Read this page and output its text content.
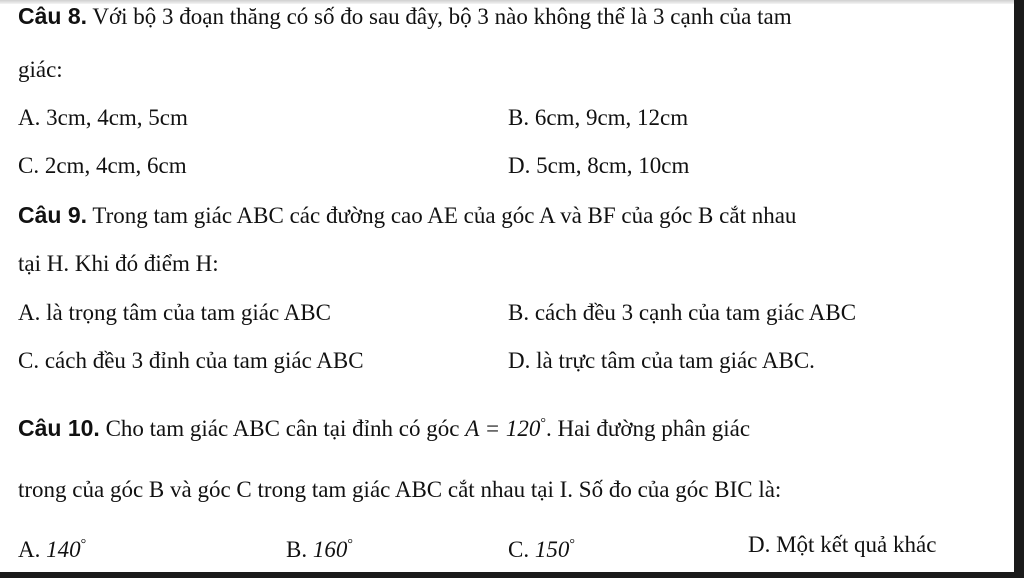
Câu 8. Với bộ 3 đoạn thăng có số đo sau đây, bộ 3 nào không thể là 3 cạnh của tam
giác:
A. 3cm, 4cm, 5cm	B. 6cm, 9cm, 12cm
C. 2cm, 4cm, 6cm	D. 5cm, 8cm, 10cm
Câu 9. Trong tam giác ABC các đường cao AE của góc A và BF của góc B cắt nhau
tại H. Khi đó điểm H:
A. là trọng tâm của tam giác ABC	B. cách đều 3 cạnh của tam giác ABC
C. cách đều 3 đỉnh của tam giác ABC	D. là trực tâm của tam giác ABC.
Câu 10. Cho tam giác ABC cân tại đỉnh có góc A = 120°. Hai đường phân giác
trong của góc B và góc C trong tam giác ABC cắt nhau tại I. Số đo của góc BIC là:
A. 140°	B. 160°	C. 150°	D. Một kết quả khác
